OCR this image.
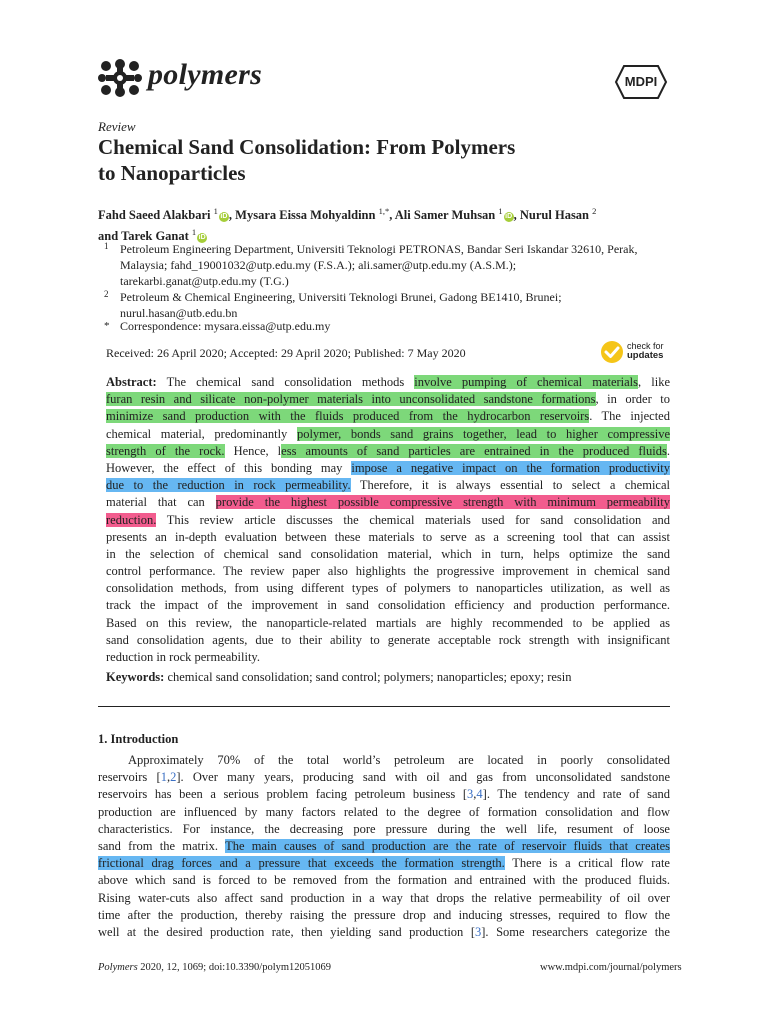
polymers	MDPI
Review
Chemical Sand Consolidation: From Polymers
to Nanoparticles
Fahd Saeed Alakbari $^1$iD , Mysara Eissa Mohyaldinn $^{1,*}$, Ali Samer Muhsan $^1$iD , Nurul Hasan $^2$
and Tarek Ganat $^1$iD
1 Petroleum Engineering Department, Universiti Teknologi PETRONAS, Bandar Seri Iskandar 32610, Perak,
Malaysia; fahd_19001032@utp.edu.my (F.S.A.); ali.samer@utp.edu.my (A.S.M.);
tarekarbi.ganat@utp.edu.my (T.G.)
2 Petroleum & Chemical Engineering, Universiti Teknologi Brunei, Gadong BE1410, Brunei;
nurul.hasan@utb.edu.bn
* Correspondence: mysara.eissa@utp.edu.my
Received: 26 April 2020; Accepted: 29 April 2020; Published: 7 May 2020	check for
updates
Abstract: The chemical sand consolidation methods involve pumping of chemical materials, like
furan resin and silicate non-polymer materials into unconsolidated sandstone formations, in order to
minimize sand production with the fluids produced from the hydrocarbon reservoirs. The injected
chemical material, predominantly polymer, bonds sand grains together, lead to higher compressive
strength of the rock. Hence, less amounts of sand particles are entrained in the produced fluids.
However, the effect of this bonding may impose a negative impact on the formation productivity
due to the reduction in rock permeability. Therefore, it is always essential to select a chemical
material that can provide the highest possible compressive strength with minimum permeability
reduction. This review article discusses the chemical materials used for sand consolidation and
presents an in-depth evaluation between these materials to serve as a screening tool that can assist
in the selection of chemical sand consolidation material, which in turn, helps optimize the sand
control performance. The review paper also highlights the progressive improvement in chemical sand
consolidation methods, from using different types of polymers to nanoparticles utilization, as well as
track the impact of the improvement in sand consolidation efficiency and production performance.
Based on this review, the nanoparticle-related martials are highly recommended to be applied as
sand consolidation agents, due to their ability to generate acceptable rock strength with insignificant
reduction in rock permeability.
Keywords: chemical sand consolidation; sand control; polymers; nanoparticles; epoxy; resin
1. Introduction
Approximately 70% of the total world’s petroleum are located in poorly consolidated
reservoirs [1,2]. Over many years, producing sand with oil and gas from unconsolidated sandstone
reservoirs has been a serious problem facing petroleum business [3,4]. The tendency and rate of sand
production are influenced by many factors related to the degree of formation consolidation and flow
characteristics. For instance, the decreasing pore pressure during the well life, resument of loose
sand from the matrix. The main causes of sand production are the rate of reservoir fluids that creates
frictional drag forces and a pressure that exceeds the formation strength. There is a critical flow rate
above which sand is forced to be removed from the formation and entrained with the produced fluids.
Rising water-cuts also affect sand production in a way that drops the relative permeability of oil over
time after the production, thereby raising the pressure drop and inducing stresses, required to flow the
well at the desired production rate, then yielding sand production [3]. Some researchers categorize the
Polymers 2020, 12, 1069; doi:10.3390/polym12051069	www.mdpi.com/journal/polymers
